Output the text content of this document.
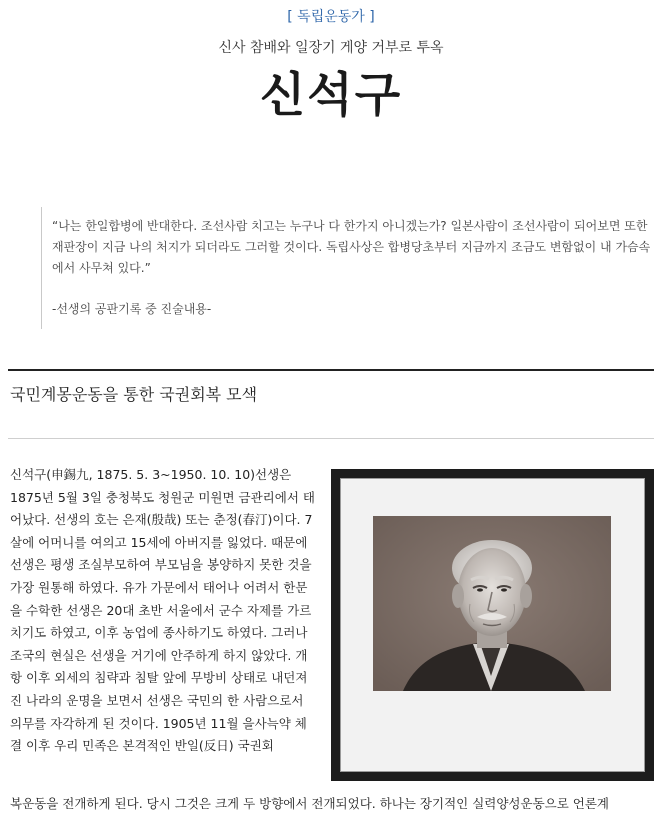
[ 독립운동가 ]
신사 참배와 일장기 게양 거부로 투옥
신석구
“나는 한일합병에 반대한다. 조선사람 치고는 누구나 다 한가지 아니겠는가? 일본사람이 조선사람이 되어보면 또한 재판장이 지금 나의 처지가 되더라도 그러할 것이다. 독립사상은 합병당초부터 지금까지 조금도 변함없이 내 가슴속에서 사무쳐 있다.”
-선생의 공판기록 중 진술내용-
국민계몽운동을 통한 국권회복 모색
신석구(申錫九, 1875. 5. 3~1950. 10. 10)선생은 1875년 5월 3일 충청북도 청원군 미원면 금관리에서 태어났다. 선생의 호는 은재(殷哉) 또는 춘정(春汀)이다. 7살에 어머니를 여의고 15세에 아버지를 잃었다. 때문에 선생은 평생 조실부모하여 부모님을 봉양하지 못한 것을 가장 원통해 하였다. 유가 가문에서 태어나 어려서 한문을 수학한 선생은 20대 초반 서울에서 군수 자제를 가르치기도 하였고, 이후 농업에 종사하기도 하였다. 그러나 조국의 현실은 선생을 거기에 안주하게 하지 않았다. 개항 이후 외세의 침략과 침탈 앞에 무방비 상태로 내던져진 나라의 운명을 보면서 선생은 국민의 한 사람으로서 의무를 자각하게 된 것이다. 1905년 11월 을사늑약 체결 이후 우리 민족은 본격적인 반일(反日) 국권회
복운동을 전개하게 된다. 당시 그것은 크게 두 방향에서 전개되었다. 하나는 장기적인 실력양성운동으로 언론계
